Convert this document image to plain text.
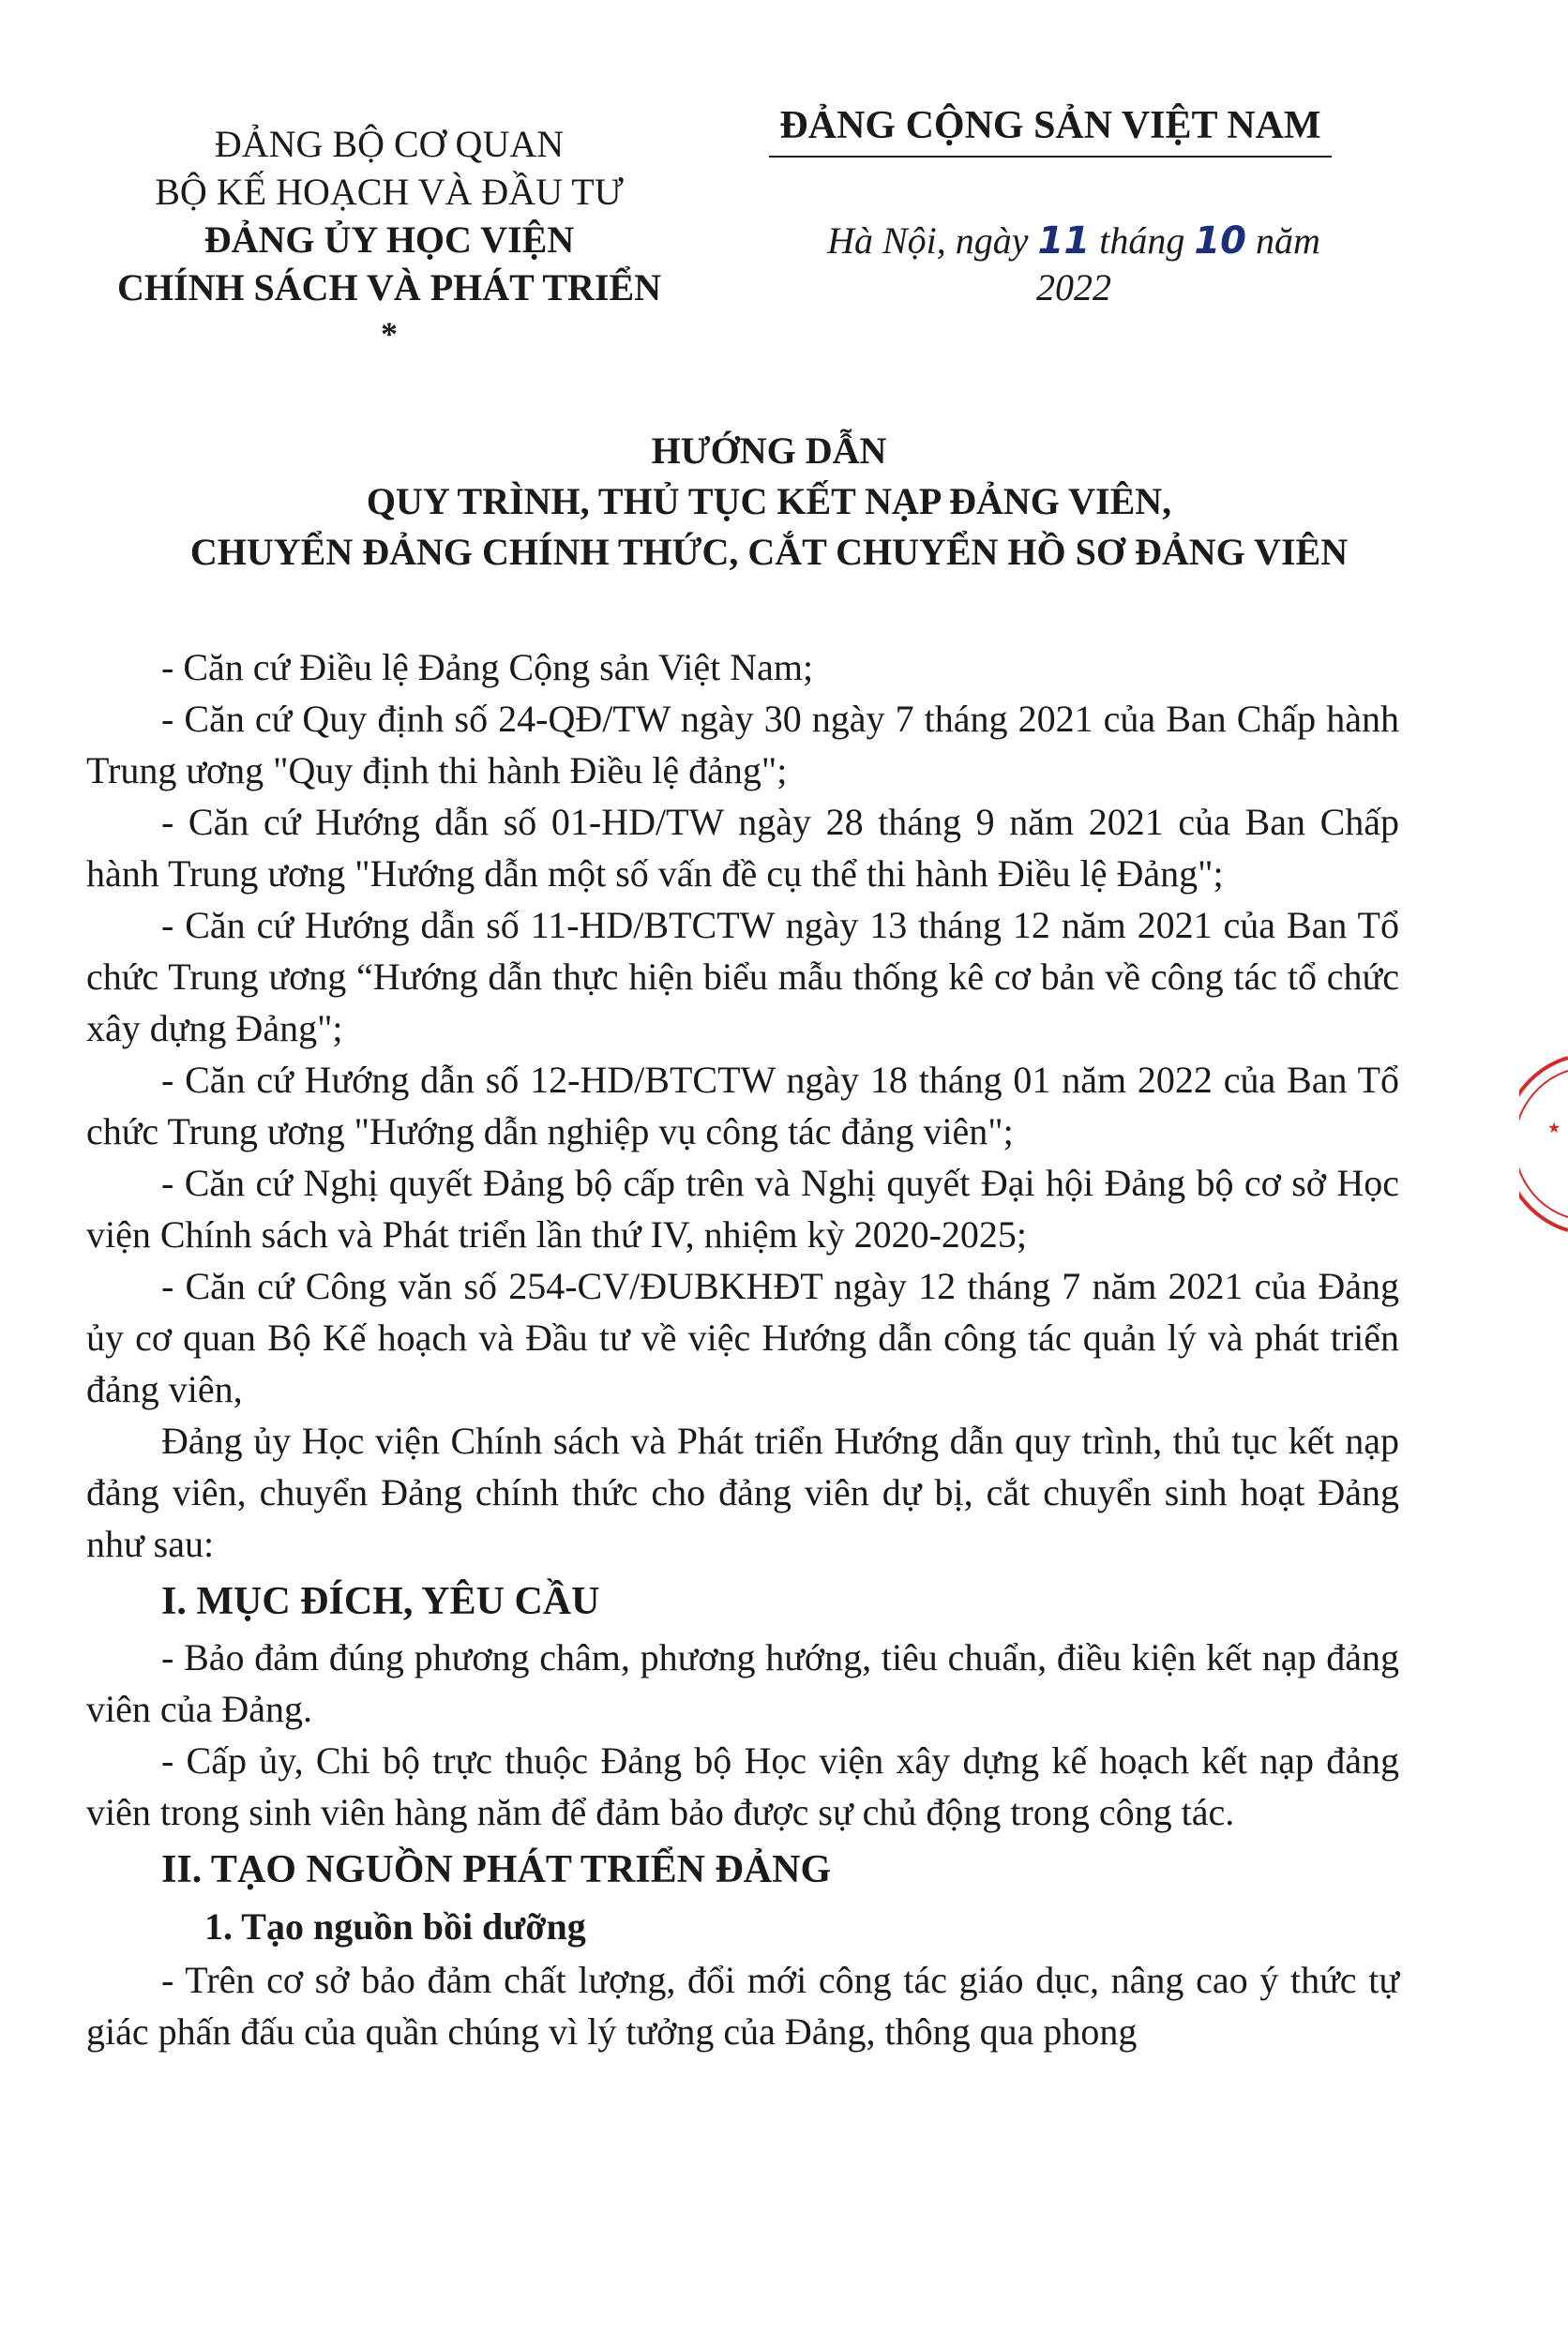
ĐẢNG BỘ CƠ QUAN
BỘ KẾ HOẠCH VÀ ĐẦU TƯ
ĐẢNG ỦY HỌC VIỆN
CHÍNH SÁCH VÀ PHÁT TRIỂN
*
ĐẢNG CỘNG SẢN VIỆT NAM
Hà Nội, ngày 11 tháng 10 năm 2022
HƯỚNG DẪN
QUY TRÌNH, THỦ TỤC KẾT NẠP ĐẢNG VIÊN,
CHUYỂN ĐẢNG CHÍNH THỨC, CẮT CHUYỂN HỒ SƠ ĐẢNG VIÊN

- Căn cứ Điều lệ Đảng Cộng sản Việt Nam;

- Căn cứ Quy định số 24-QĐ/TW ngày 30 ngày 7 tháng 2021 của Ban Chấp hành Trung ương "Quy định thi hành Điều lệ đảng";

- Căn cứ Hướng dẫn số 01-HD/TW ngày 28 tháng 9 năm 2021 của Ban Chấp hành Trung ương "Hướng dẫn một số vấn đề cụ thể thi hành Điều lệ Đảng";

- Căn cứ Hướng dẫn số 11-HD/BTCTW ngày 13 tháng 12 năm 2021 của Ban Tổ chức Trung ương “Hướng dẫn thực hiện biểu mẫu thống kê cơ bản về công tác tổ chức xây dựng Đảng";

- Căn cứ Hướng dẫn số 12-HD/BTCTW ngày 18 tháng 01 năm 2022 của Ban Tổ chức Trung ương "Hướng dẫn nghiệp vụ công tác đảng viên";

- Căn cứ Nghị quyết Đảng bộ cấp trên và Nghị quyết Đại hội Đảng bộ cơ sở Học viện Chính sách và Phát triển lần thứ IV, nhiệm kỳ 2020-2025;

- Căn cứ Công văn số 254-CV/ĐUBKHĐT ngày 12 tháng 7 năm 2021 của Đảng ủy cơ quan Bộ Kế hoạch và Đầu tư về việc Hướng dẫn công tác quản lý và phát triển đảng viên,

Đảng ủy Học viện Chính sách và Phát triển Hướng dẫn quy trình, thủ tục kết nạp đảng viên, chuyển Đảng chính thức cho đảng viên dự bị, cắt chuyển sinh hoạt Đảng như sau:

I. MỤC ĐÍCH, YÊU CẦU

- Bảo đảm đúng phương châm, phương hướng, tiêu chuẩn, điều kiện kết nạp đảng viên của Đảng.

- Cấp ủy, Chi bộ trực thuộc Đảng bộ Học viện xây dựng kế hoạch kết nạp đảng viên trong sinh viên hàng năm để đảm bảo được sự chủ động trong công tác.

II. TẠO NGUỒN PHÁT TRIỂN ĐẢNG
1. Tạo nguồn bồi dưỡng

- Trên cơ sở bảo đảm chất lượng, đổi mới công tác giáo dục, nâng cao ý thức tự giác phấn đấu của quần chúng vì lý tưởng của Đảng, thông qua phong

★
